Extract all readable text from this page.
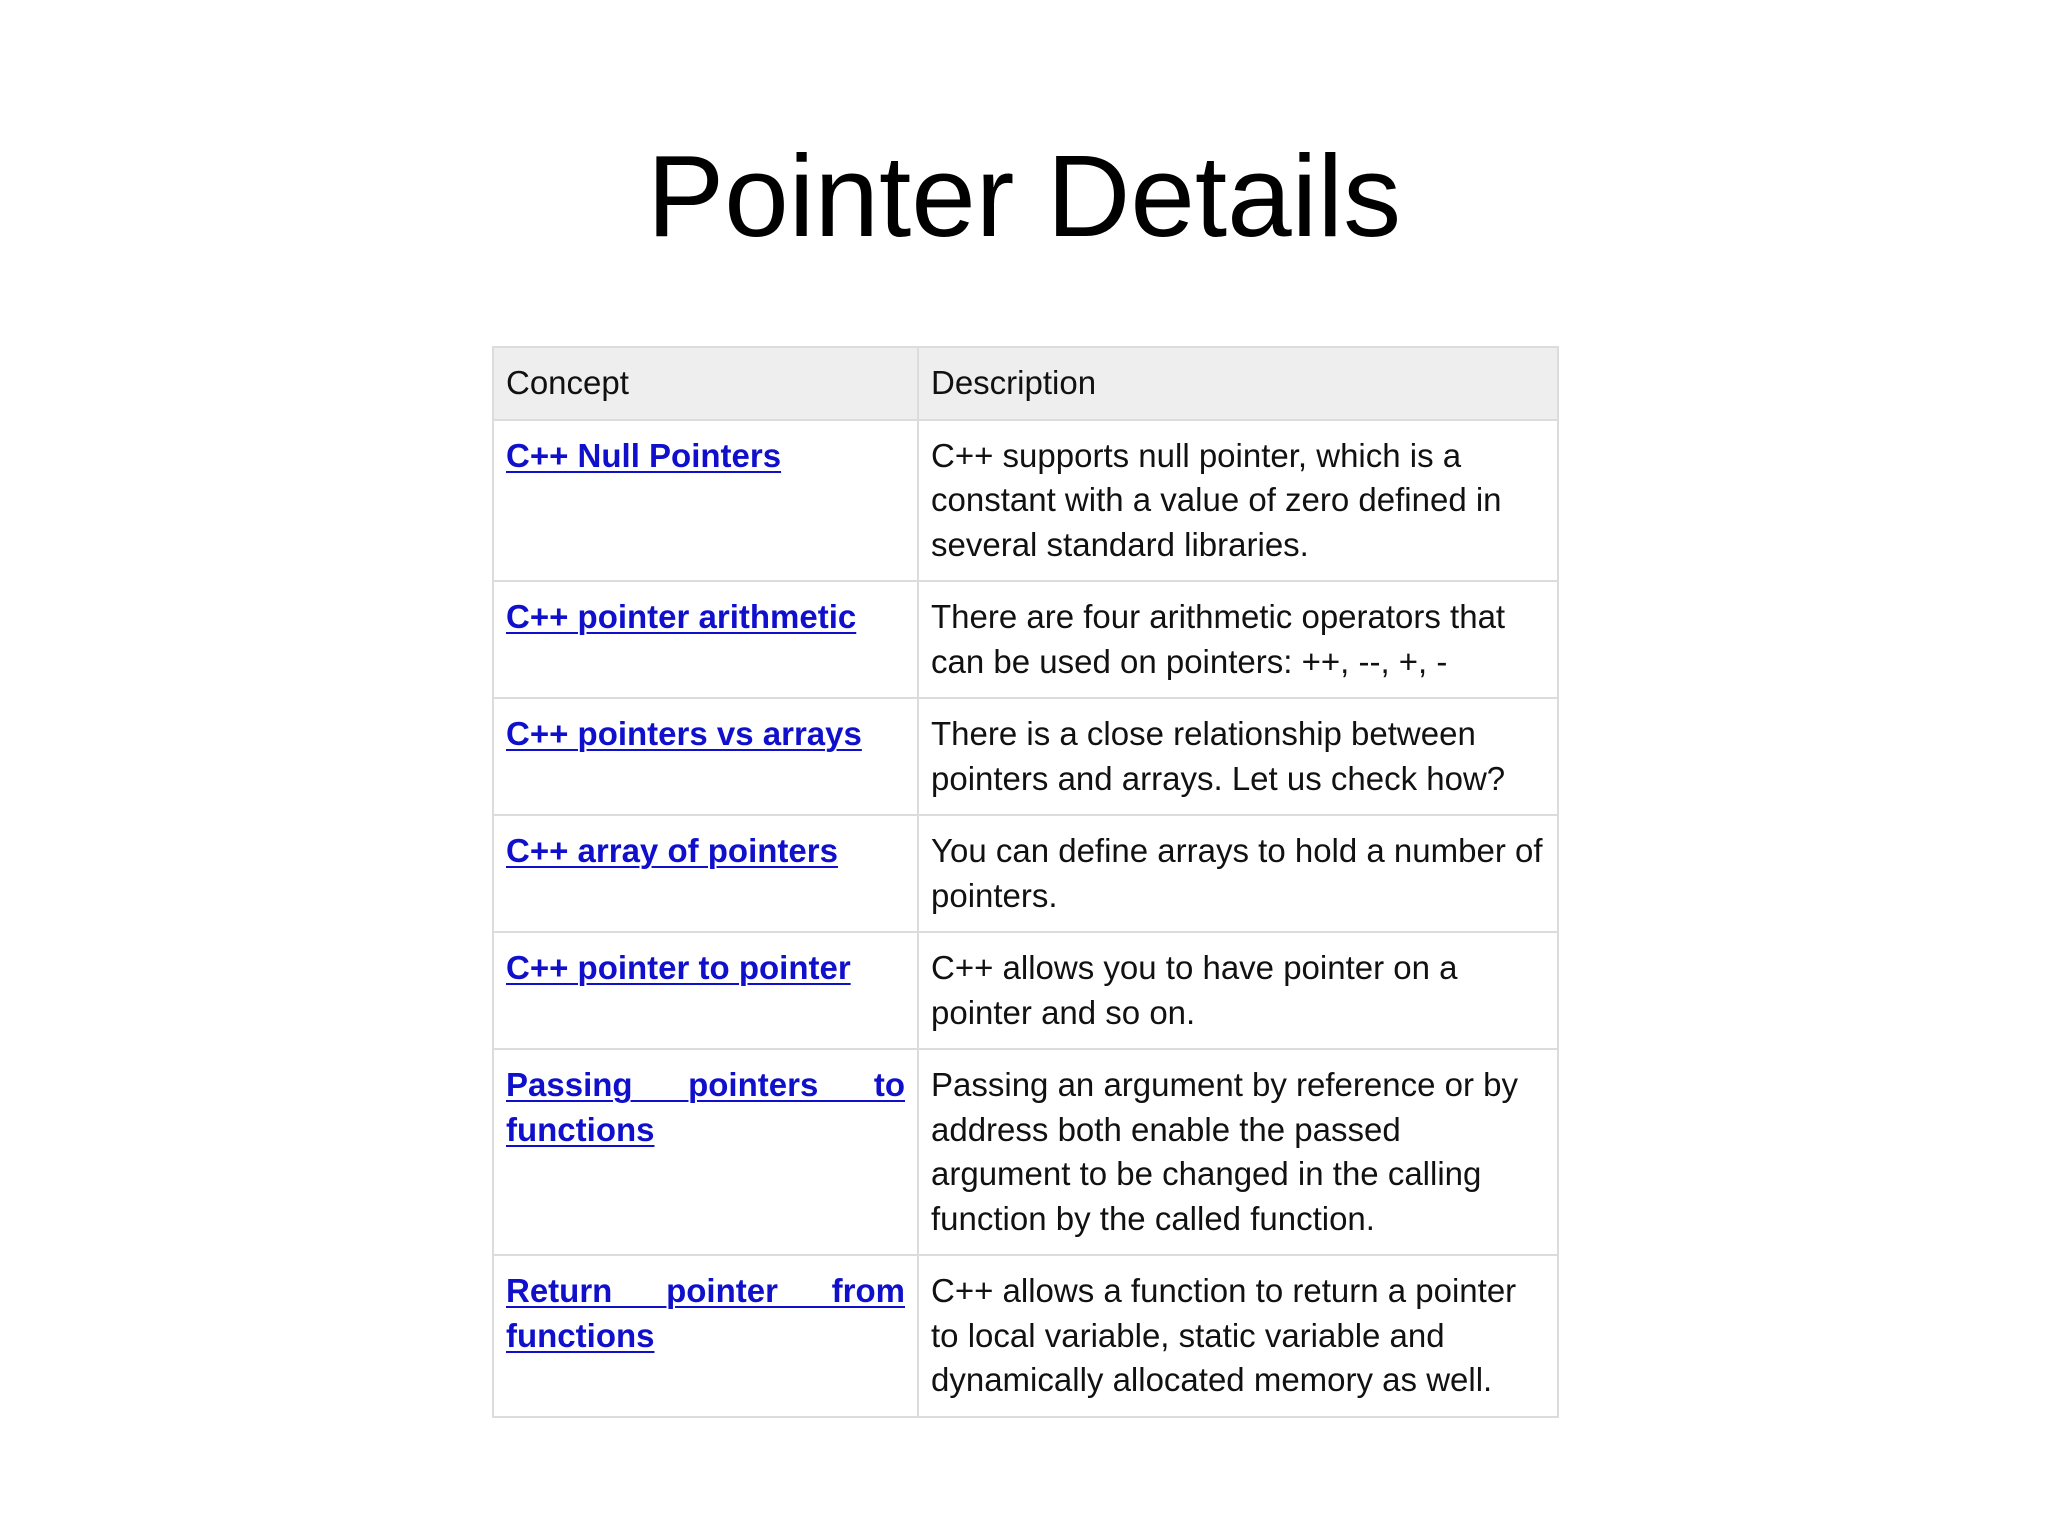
Pointer Details
Concept	Description
C++ Null Pointers	C++ supports null pointer, which is a constant with a value of zero defined in several standard libraries.
C++ pointer arithmetic	There are four arithmetic operators that can be used on pointers: ++, --, +, -
C++ pointers vs arrays	There is a close relationship between pointers and arrays. Let us check how?
C++ array of pointers	You can define arrays to hold a number of pointers.
C++ pointer to pointer	C++ allows you to have pointer on a pointer and so on.
Passing pointers to functions	Passing an argument by reference or by address both enable the passed argument to be changed in the calling function by the called function.
Return pointer from functions	C++ allows a function to return a pointer to local variable, static variable and dynamically allocated memory as well.
